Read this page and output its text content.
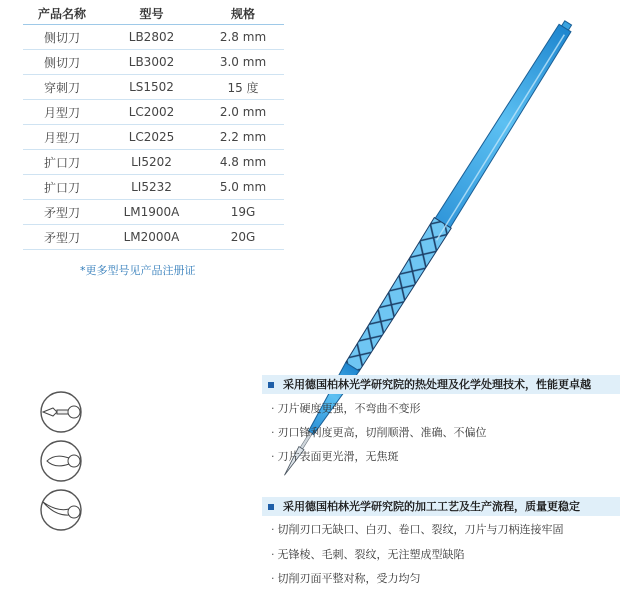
产品名称	型号	规格
侧切刀	LB2802	2.8 mm
侧切刀	LB3002	3.0 mm
穿刺刀	LS1502	15 度
月型刀	LC2002	2.0 mm
月型刀	LC2025	2.2 mm
扩口刀	LI5202	4.8 mm
扩口刀	LI5232	5.0 mm
矛型刀	LM1900A	19G
矛型刀	LM2000A	20G
*更多型号见产品注册证
采用德国柏林光学研究院的热处理及化学处理技术，性能更卓越
· 刀片硬度更强，不弯曲不变形
· 刃口锋利度更高，切削顺滑、准确、不偏位
· 刀片表面更光滑，无焦斑
采用德国柏林光学研究院的加工工艺及生产流程，质量更稳定
· 切削刃口无缺口、白刃、卷口、裂纹，刀片与刀柄连接牢固
· 无锋棱、毛刺、裂纹，无注塑成型缺陷
· 切削刃面平整对称，受力均匀
